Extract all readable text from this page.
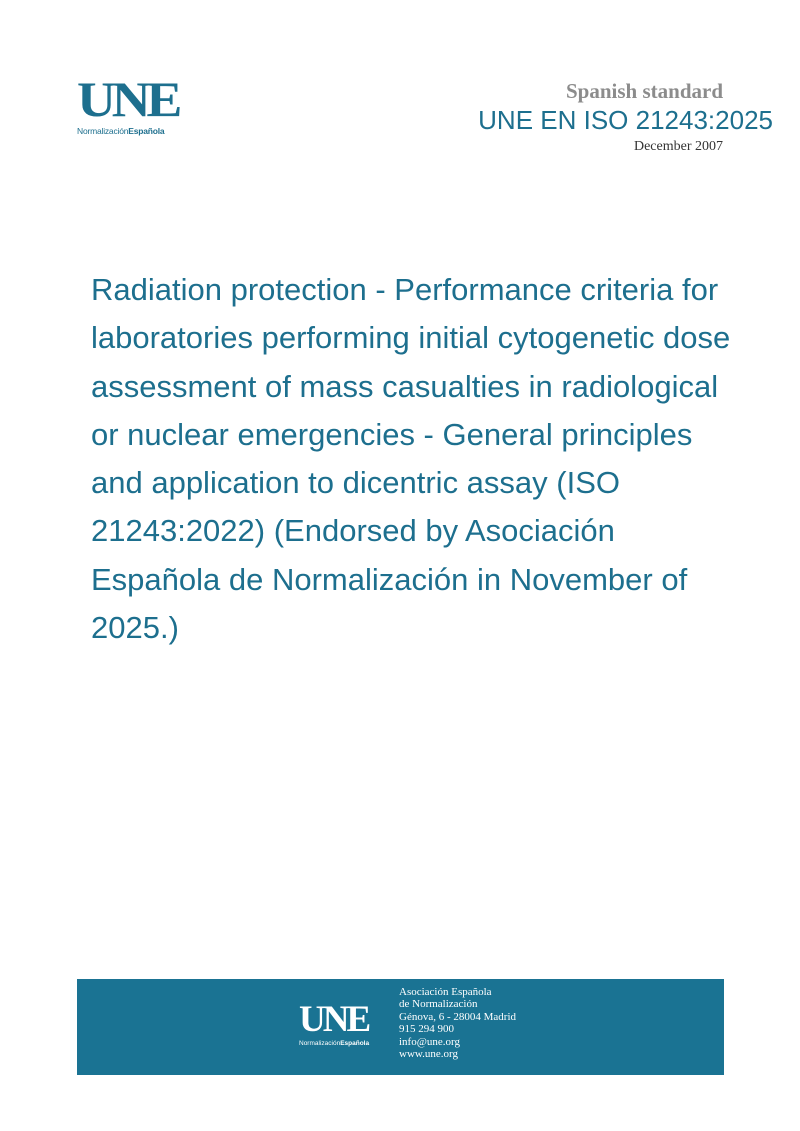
UNE
NormalizaciónEspañola
Spanish standard
UNE EN ISO 21243:2025
December 2007
Radiation protection - Performance criteria for laboratories performing initial cytogenetic dose assessment of mass casualties in radiological or nuclear emergencies - General principles and application to dicentric assay (ISO 21243:2022) (Endorsed by Asociación Española de Normalización in November of 2025.)
UNE
NormalizaciónEspañola
Asociación Española
de Normalización
Génova, 6 - 28004 Madrid
915 294 900
info@une.org
www.une.org
